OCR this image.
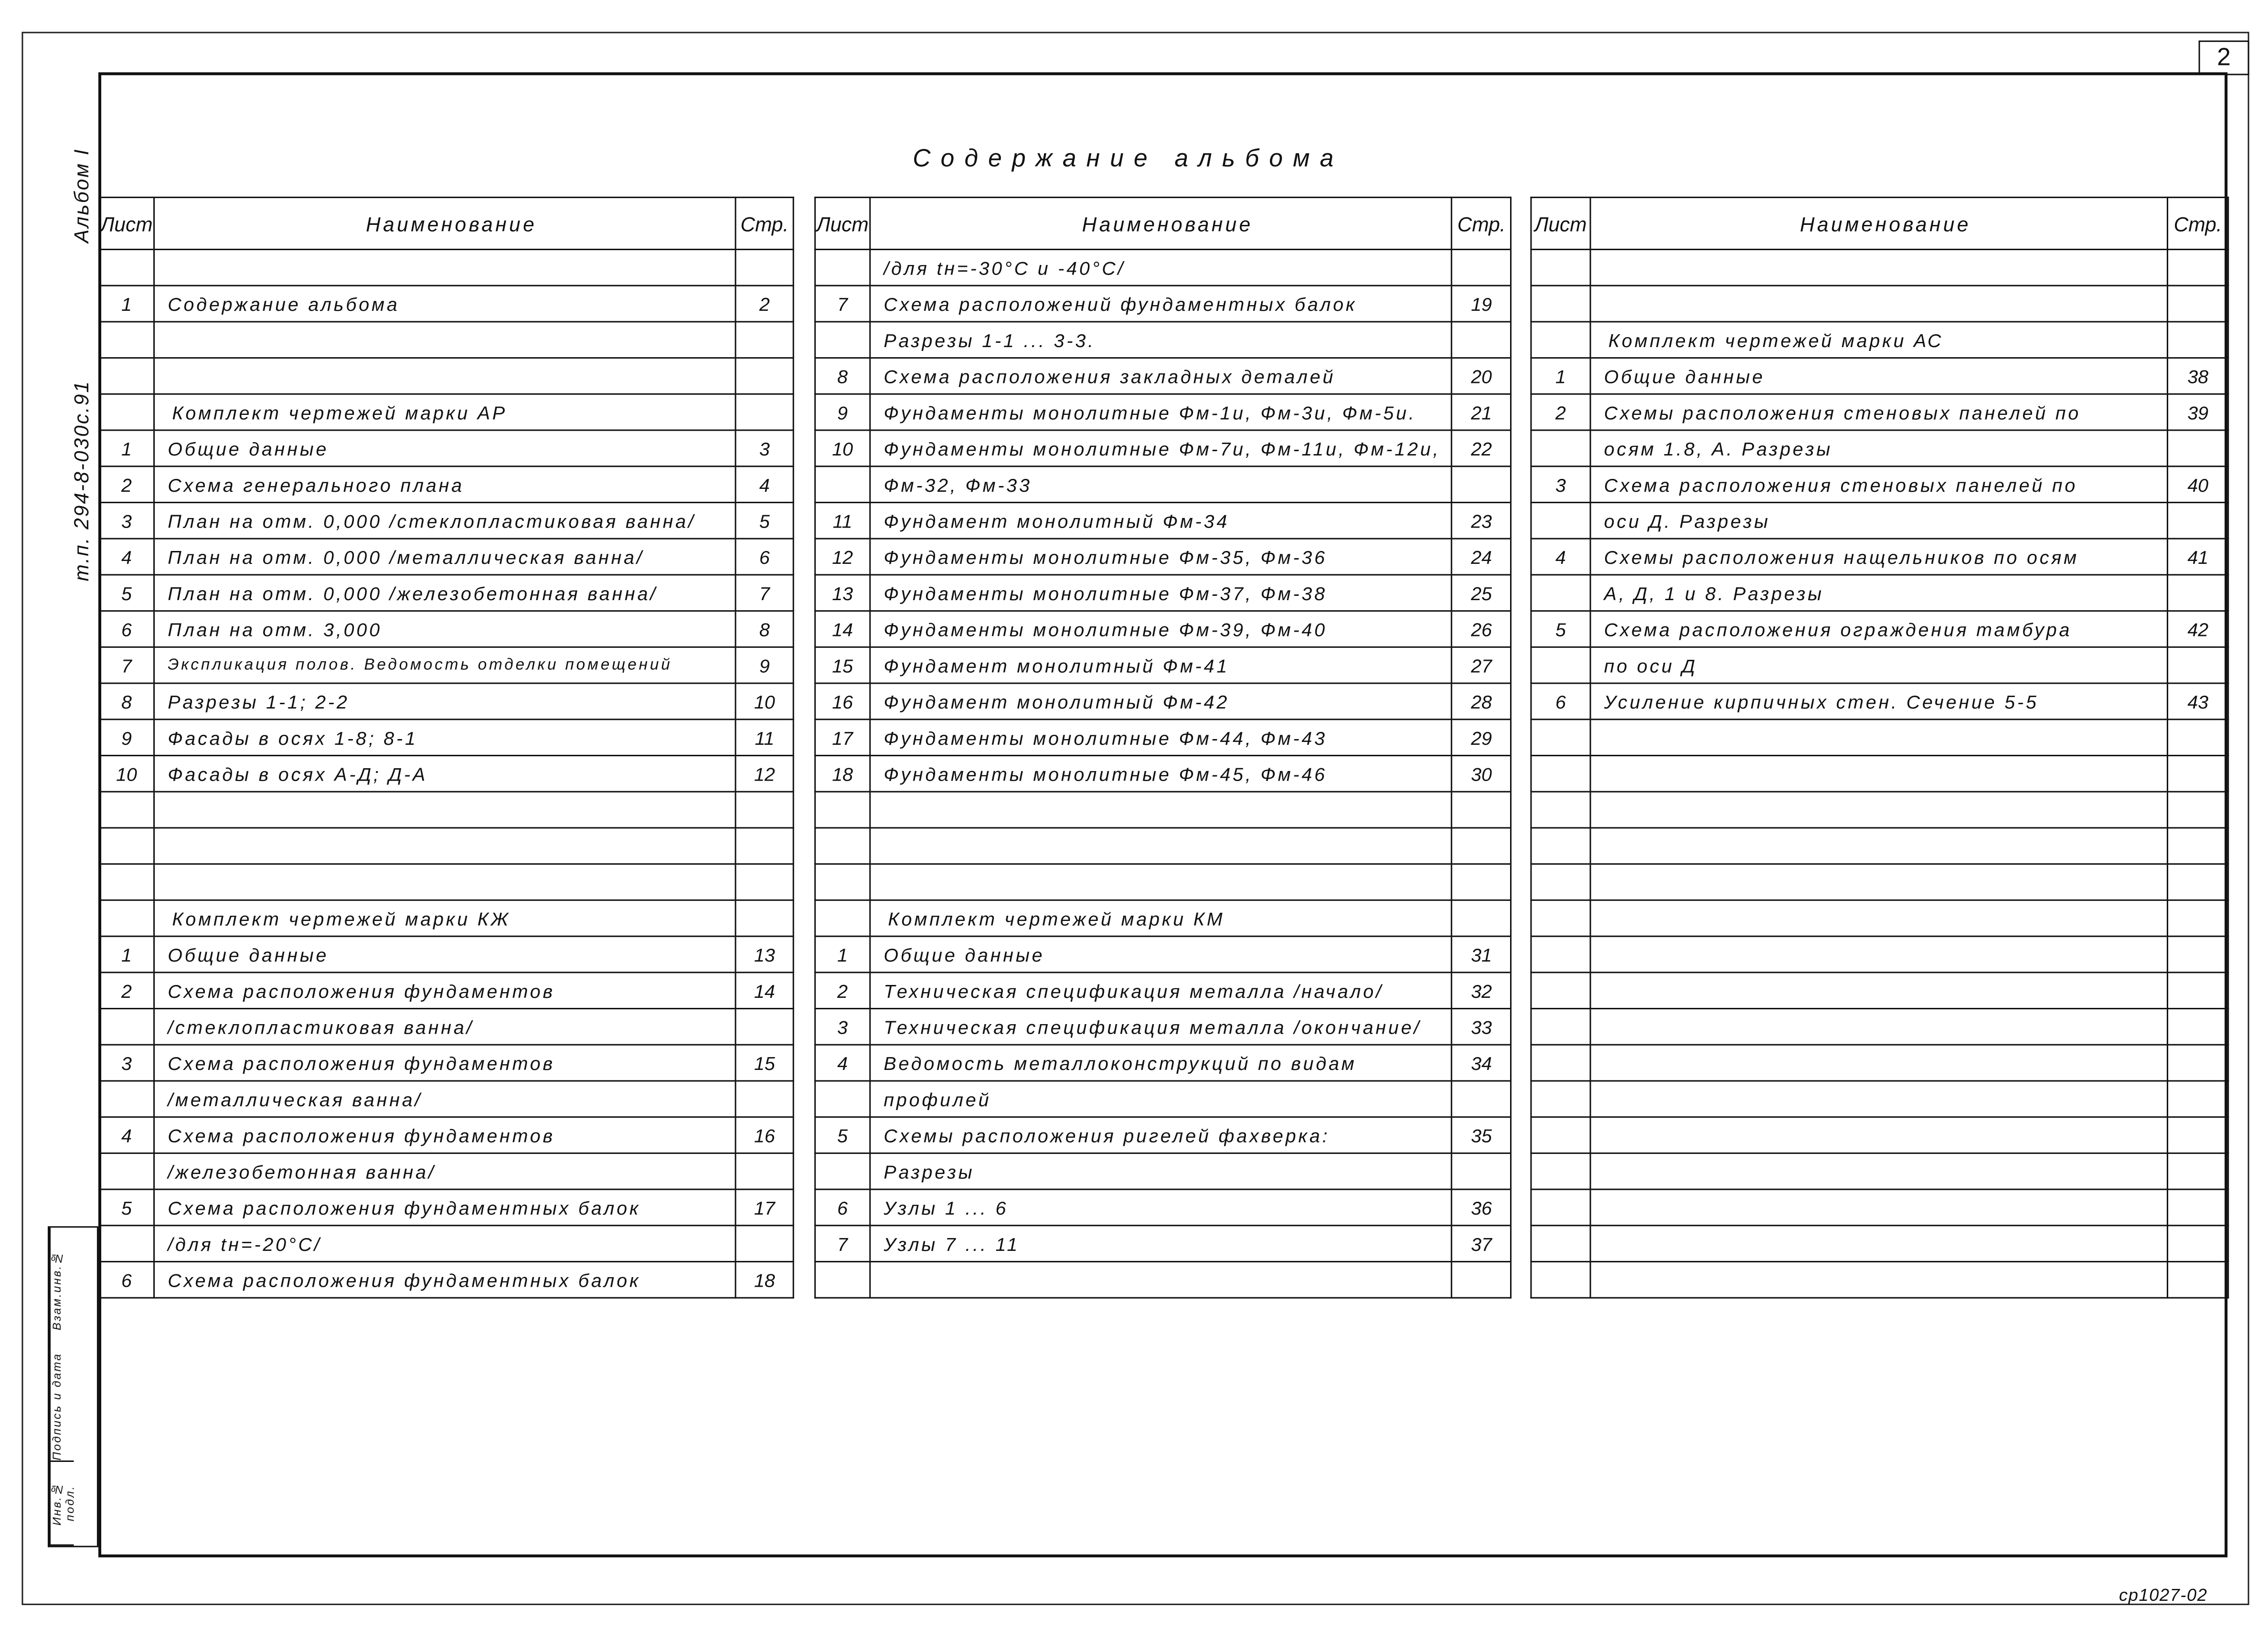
2
Содержание альбома
Альбом I
т.п. 294-8-030с.91
Взам.инв.№
Подпись и дата
Инв.№ подл.
Лист	Наименование	Стр.

1	Содержание альбома	2

	Комплект чертежей марки АР	
1	Общие данные	3
2	Схема генерального плана	4
3	План на отм. 0,000 /стеклопластиковая ванна/	5
4	План на отм. 0,000 /металлическая ванна/	6
5	План на отм. 0,000 /железобетонная ванна/	7
6	План на отм. 3,000	8
7	Экспликация полов. Ведомость отделки помещений	9
8	Разрезы 1-1; 2-2	10
9	Фасады в осях 1-8; 8-1	11
10	Фасады в осях А-Д; Д-А	12

	Комплект чертежей марки КЖ	
1	Общие данные	13
2	Схема расположения фундаментов	14
	/стеклопластиковая ванна/	
3	Схема расположения фундаментов	15
	/металлическая ванна/	
4	Схема расположения фундаментов	16
	/железобетонная ванна/	
5	Схема расположения фундаментных балок	17
	/для tн=-20°С/	
6	Схема расположения фундаментных балок	18
Лист	Наименование	Стр.
	/для tн=-30°С и -40°С/	
7	Схема расположений фундаментных балок	19
	Разрезы 1-1 ... 3-3.	
8	Схема расположения закладных деталей	20
9	Фундаменты монолитные Фм-1и, Фм-3и, Фм-5и.	21
10	Фундаменты монолитные Фм-7и, Фм-11и, Фм-12и,	22
	Фм-32, Фм-33	
11	Фундамент монолитный Фм-34	23
12	Фундаменты монолитные Фм-35, Фм-36	24
13	Фундаменты монолитные Фм-37, Фм-38	25
14	Фундаменты монолитные Фм-39, Фм-40	26
15	Фундамент монолитный Фм-41	27
16	Фундамент монолитный Фм-42	28
17	Фундаменты монолитные Фм-44, Фм-43	29
18	Фундаменты монолитные Фм-45, Фм-46	30

	Комплект чертежей марки КМ	
1	Общие данные	31
2	Техническая спецификация металла /начало/	32
3	Техническая спецификация металла /окончание/	33
4	Ведомость металлоконструкций по видам	34
	профилей	
5	Схемы расположения ригелей фахверка:	35
	Разрезы	
6	Узлы 1 ... 6	36
7	Узлы 7 ... 11	37

Лист	Наименование	Стр.

	Комплект чертежей марки АС	
1	Общие данные	38
2	Схемы расположения стеновых панелей по	39
	осям 1.8, А. Разрезы	
3	Схема расположения стеновых панелей по	40
	оси Д. Разрезы	
4	Схемы расположения нащельников по осям	41
	А, Д, 1 и 8. Разрезы	
5	Схема расположения ограждения тамбура	42
	по оси Д	
6	Усиление кирпичных стен. Сечение 5-5	43

ср1027-02
